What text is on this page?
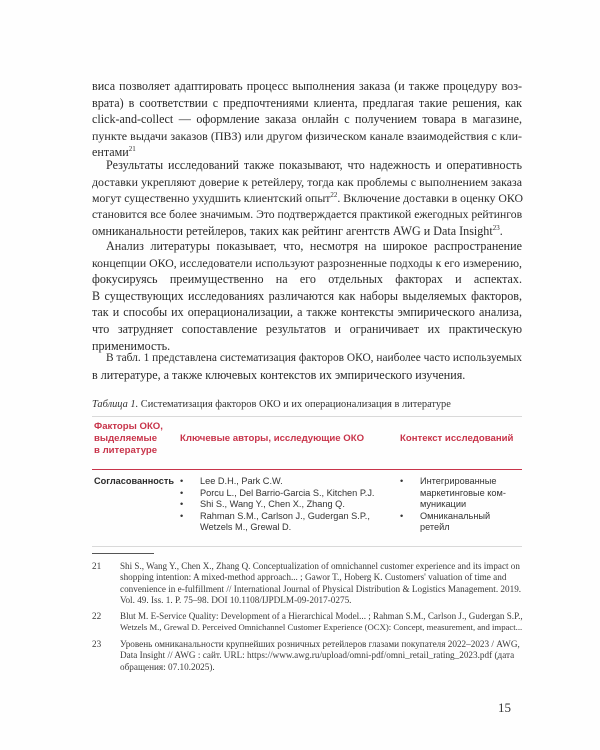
виса позволяет адаптировать процесс выполнения заказа (и также процедуру воз-
врата) в соответствии с предпочтениями клиента, предлагая такие решения, как
click-and-collect — оформление заказа онлайн с получением товара в магазине,
пункте выдачи заказов (ПВЗ) или другом физическом канале взаимодействия с кли-
ентами$^{21}$

Результаты исследований также показывают, что надежность и оперативность
доставки укрепляют доверие к ретейлеру, тогда как проблемы с выполнением заказа
могут существенно ухудшить клиентский опыт$^{22}$. Включение доставки в оценку ОКО
становится все более значимым. Это подтверждается практикой ежегодных рейтингов
омниканальности ретейлеров, таких как рейтинг агентств AWG и Data Insight$^{23}$.

Анализ литературы показывает, что, несмотря на широкое распространение
концепции ОКО, исследователи используют разрозненные подходы к его измерению,
фокусируясь преимущественно на его отдельных факторах и аспектах.
В существующих исследованиях различаются как наборы выделяемых факторов,
так и способы их операционализации, а также контексты эмпирического анализа,
что затрудняет сопоставление результатов и ограничивает их практическую
применимость.

В табл. 1 представлена систематизация факторов ОКО, наиболее часто используемых
в литературе, а также ключевых контекстов их эмпирического изучения.

Таблица 1. Систематизация факторов ОКО и их операционализация в литературе
Факторы ОКО,
выделяемые
в литературе
Ключевые авторы, исследующие ОКО	Контекст исследований
Согласованность • Lee D.H., Park C.W.
• Porcu L., Del Barrio-Garcia S., Kitchen P.J.
• Shi S., Wang Y., Chen X., Zhang Q.
• Rahman S.M., Carlson J., Gudergan S.P.,
Wetzels M., Grewal D.
• Интегрированные
маркетинговые ком-
муникации
• Омниканальный
ретейл
21 Shi S., Wang Y., Chen X., Zhang Q. Conceptualization of omnichannel customer experience and its impact on
shopping intention: A mixed-method approach... ; Gawor T., Hoberg K. Customers' valuation of time and
convenience in e-fulfillment // International Journal of Physical Distribution & Logistics Management. 2019.
Vol. 49. Iss. 1. P. 75–98. DOI 10.1108/IJPDLM-09-2017-0275.
22 Blut M. E-Service Quality: Development of a Hierarchical Model... ; Rahman S.M., Carlson J., Gudergan S.P.,
Wetzels M., Grewal D. Perceived Omnichannel Customer Experience (OCX): Concept, measurement, and impact...
23 Уровень омниканальности крупнейших розничных ретейлеров глазами покупателя 2022–2023 / AWG,
Data Insight // AWG : сайт. URL: https://www.awg.ru/upload/omni-pdf/omni_retail_rating_2023.pdf (дата
обращения: 07.10.2025).
15
